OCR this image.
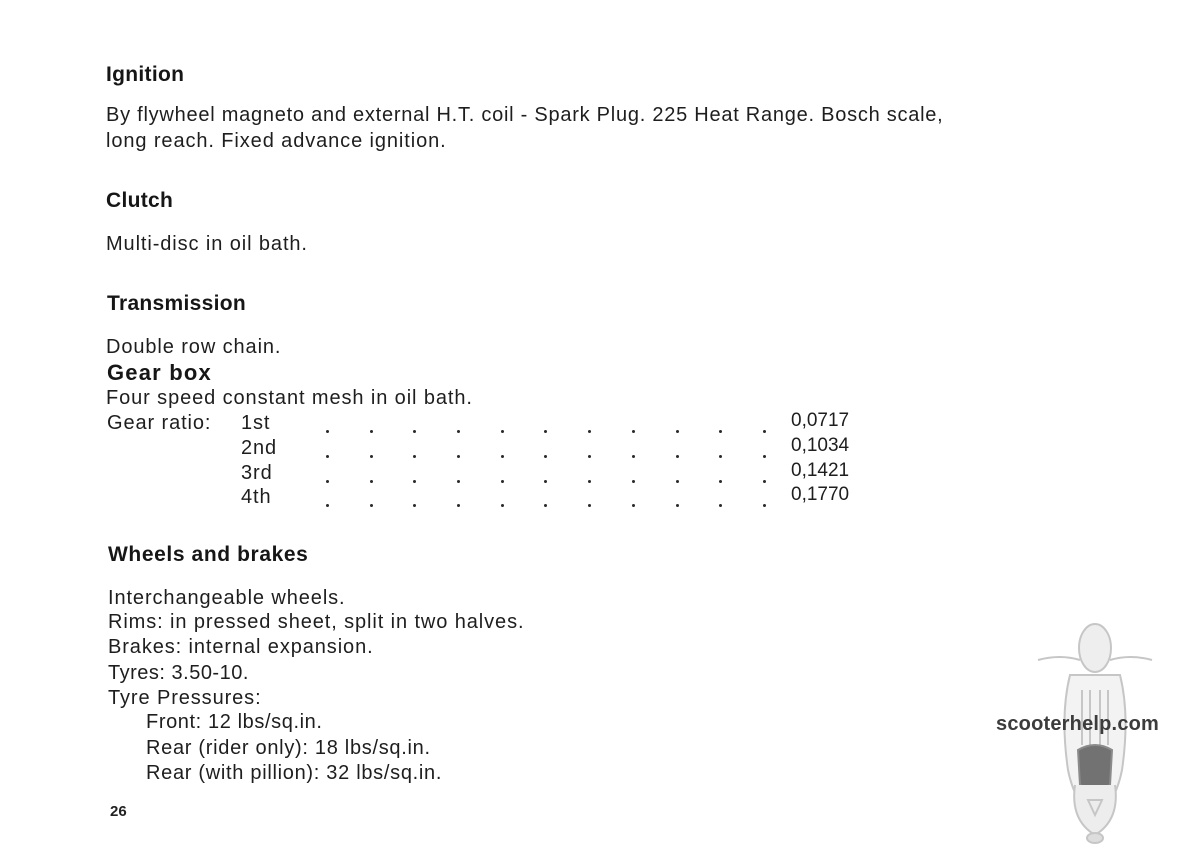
Ignition
By flywheel magneto and external H.T. coil - Spark Plug. 225 Heat Range. Bosch scale,
long reach. Fixed advance ignition.
Clutch
Multi-disc in oil bath.
Transmission
Double row chain.
Gear box
Four speed constant mesh in oil bath.
Gear ratio: 1st	0,0717
2nd	0,1034
3rd	0,1421
4th	0,1770
Wheels and brakes
Interchangeable wheels.
Rims: in pressed sheet, split in two halves.
Brakes: internal expansion.
Tyres: 3.50-10.
Tyre Pressures:
Front: 12 lbs/sq.in.
Rear (rider only): 18 lbs/sq.in.
Rear (with pillion): 32 lbs/sq.in.
26
scooterhelp.com
